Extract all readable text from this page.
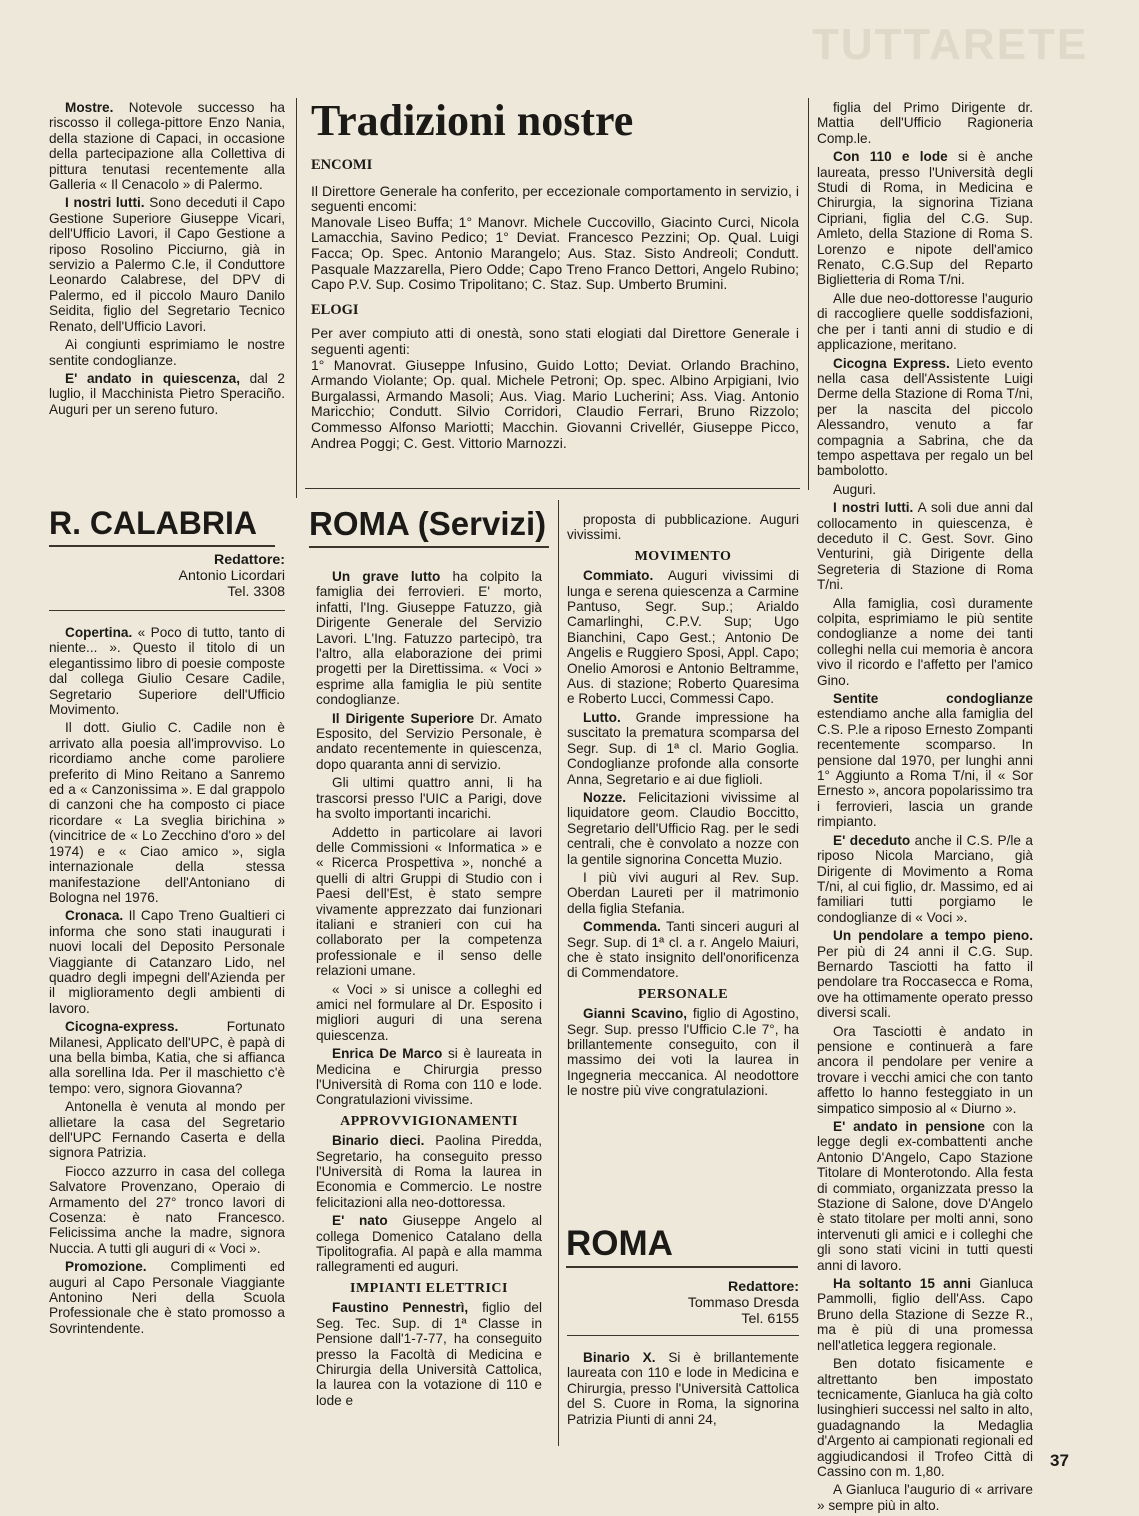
TUTTARETE

Mostre. Notevole successo ha riscosso il collega-pittore Enzo Nania, della stazione di Capaci, in occasione della partecipazione alla Collettiva di pittura tenutasi recentemente alla Galleria « Il Cenacolo » di Palermo.

I nostri lutti. Sono deceduti il Capo Gestione Superiore Giuseppe Vicari, dell'Ufficio Lavori, il Capo Gestione a riposo Rosolino Picciurno, già in servizio a Palermo C.le, il Conduttore Leonardo Calabrese, del DPV di Palermo, ed il piccolo Mauro Danilo Seidita, figlio del Segretario Tecnico Renato, dell'Ufficio Lavori.

Ai congiunti esprimiamo le nostre sentite condoglianze.

E' andato in quiescenza, dal 2 luglio, il Macchinista Pietro Speraciño. Auguri per un sereno futuro.

R. CALABRIA
Redattore:
Antonio Licordari
Tel. 3308

Copertina. « Poco di tutto, tanto di niente... ». Questo il titolo di un elegantissimo libro di poesie composte dal collega Giulio Cesare Cadile, Segretario Superiore dell'Ufficio Movimento.

Il dott. Giulio C. Cadile non è arrivato alla poesia all'improvviso. Lo ricordiamo anche come paroliere preferito di Mino Reitano a Sanremo ed a « Canzonissima ». E dal grappolo di canzoni che ha composto ci piace ricordare « La sveglia birichina » (vincitrice de « Lo Zecchino d'oro » del 1974) e « Ciao amico », sigla internazionale della stessa manifestazione dell'Antoniano di Bologna nel 1976.

Cronaca. Il Capo Treno Gualtieri ci informa che sono stati inaugurati i nuovi locali del Deposito Personale Viaggiante di Catanzaro Lido, nel quadro degli impegni dell'Azienda per il miglioramento degli ambienti di lavoro.

Cicogna-express. Fortunato Milanesi, Applicato dell'UPC, è papà di una bella bimba, Katia, che si affianca alla sorellina Ida. Per il maschietto c'è tempo: vero, signora Giovanna?

Antonella è venuta al mondo per allietare la casa del Segretario dell'UPC Fernando Caserta e della signora Patrizia.

Fiocco azzurro in casa del collega Salvatore Provenzano, Operaio di Armamento del 27° tronco lavori di Cosenza: è nato Francesco. Felicissima anche la madre, signora Nuccia. A tutti gli auguri di « Voci ».

Promozione. Complimenti ed auguri al Capo Personale Viaggiante Antonino Neri della Scuola Professionale che è stato promosso a Sovrintendente.

Tradizioni nostre
ENCOMI
Il Direttore Generale ha conferito, per eccezionale comportamento in servizio, i seguenti encomi:
Manovale Liseo Buffa; 1° Manovr. Michele Cuccovillo, Giacinto Curci, Nicola Lamacchia, Savino Pedico; 1° Deviat. Francesco Pezzini; Op. Qual. Luigi Facca; Op. Spec. Antonio Marangelo; Aus. Staz. Sisto Andreoli; Condutt. Pasquale Mazzarella, Piero Odde; Capo Treno Franco Dettori, Angelo Rubino; Capo P.V. Sup. Cosimo Tripolitano; C. Staz. Sup. Umberto Brumini.
ELOGI
Per aver compiuto atti di onestà, sono stati elogiati dal Direttore Generale i seguenti agenti:
1° Manovrat. Giuseppe Infusino, Guido Lotto; Deviat. Orlando Brachino, Armando Violante; Op. qual. Michele Petroni; Op. spec. Albino Arpigiani, Ivio Burgalassi, Armando Masoli; Aus. Viag. Mario Lucherini; Ass. Viag. Antonio Maricchio; Condutt. Silvio Corridori, Claudio Ferrari, Bruno Rizzolo; Commesso Alfonso Mariotti; Macchin. Giovanni Crivellér, Giuseppe Picco, Andrea Poggi; C. Gest. Vittorio Marnozzi.
ROMA (Servizi)

Un grave lutto ha colpito la famiglia dei ferrovieri. E' morto, infatti, l'Ing. Giuseppe Fatuzzo, già Dirigente Generale del Servizio Lavori. L'Ing. Fatuzzo partecipò, tra l'altro, alla elaborazione dei primi progetti per la Direttissima. « Voci » esprime alla famiglia le più sentite condoglianze.

Il Dirigente Superiore Dr. Amato Esposito, del Servizio Personale, è andato recentemente in quiescenza, dopo quaranta anni di servizio.

Gli ultimi quattro anni, li ha trascorsi presso l'UIC a Parigi, dove ha svolto importanti incarichi.

Addetto in particolare ai lavori delle Commissioni « Informatica » e « Ricerca Prospettiva », nonché a quelli di altri Gruppi di Studio con i Paesi dell'Est, è stato sempre vivamente apprezzato dai funzionari italiani e stranieri con cui ha collaborato per la competenza professionale e il senso delle relazioni umane.

« Voci » si unisce a colleghi ed amici nel formulare al Dr. Esposito i migliori auguri di una serena quiescenza.

Enrica De Marco si è laureata in Medicina e Chirurgia presso l'Università di Roma con 110 e lode. Congratulazioni vivissime.

APPROVVIGIONAMENTI

Binario dieci. Paolina Piredda, Segretario, ha conseguito presso l'Università di Roma la laurea in Economia e Commercio. Le nostre felicitazioni alla neo-dottoressa.

E' nato Giuseppe Angelo al collega Domenico Catalano della Tipolitografia. Al papà e alla mamma rallegramenti ed auguri.

IMPIANTI ELETTRICI

Faustino Pennestrì, figlio del Seg. Tec. Sup. di 1ª Classe in Pensione dall'1-7-77, ha conseguito presso la Facoltà di Medicina e Chirurgia della Università Cattolica, la laurea con la votazione di 110 e lode e

proposta di pubblicazione. Auguri vivissimi.

MOVIMENTO

Commiato. Auguri vivissimi di lunga e serena quiescenza a Carmine Pantuso, Segr. Sup.; Arialdo Camarlinghi, C.P.V. Sup; Ugo Bianchini, Capo Gest.; Antonio De Angelis e Ruggiero Sposi, Appl. Capo; Onelio Amorosi e Antonio Beltramme, Aus. di stazione; Roberto Quaresima e Roberto Lucci, Commessi Capo.

Lutto. Grande impressione ha suscitato la prematura scomparsa del Segr. Sup. di 1ª cl. Mario Goglia. Condoglianze profonde alla consorte Anna, Segretario e ai due figlioli.

Nozze. Felicitazioni vivissime al liquidatore geom. Claudio Boccitto, Segretario dell'Ufficio Rag. per le sedi centrali, che è convolato a nozze con la gentile signorina Concetta Muzio.

I più vivi auguri al Rev. Sup. Oberdan Laureti per il matrimonio della figlia Stefania.

Commenda. Tanti sinceri auguri al Segr. Sup. di 1ª cl. a r. Angelo Maiuri, che è stato insignito dell'onorificenza di Commendatore.

PERSONALE

Gianni Scavino, figlio di Agostino, Segr. Sup. presso l'Ufficio C.le 7°, ha brillantemente conseguito, con il massimo dei voti la laurea in Ingegneria meccanica. Al neodottore le nostre più vive congratulazioni.

ROMA
Redattore:
Tommaso Dresda
Tel. 6155

Binario X. Si è brillantemente laureata con 110 e lode in Medicina e Chirurgia, presso l'Università Cattolica del S. Cuore in Roma, la signorina Patrizia Piunti di anni 24,

figlia del Primo Dirigente dr. Mattia dell'Ufficio Ragioneria Comp.le.

Con 110 e lode si è anche laureata, presso l'Università degli Studi di Roma, in Medicina e Chirurgia, la signorina Tiziana Cipriani, figlia del C.G. Sup. Amleto, della Stazione di Roma S. Lorenzo e nipote dell'amico Renato, C.G.Sup del Reparto Biglietteria di Roma T/ni.

Alle due neo-dottoresse l'augurio di raccogliere quelle soddisfazioni, che per i tanti anni di studio e di applicazione, meritano.

Cicogna Express. Lieto evento nella casa dell'Assistente Luigi Derme della Stazione di Roma T/ni, per la nascita del piccolo Alessandro, venuto a far compagnia a Sabrina, che da tempo aspettava per regalo un bel bambolotto.

Auguri.

I nostri lutti. A soli due anni dal collocamento in quiescenza, è deceduto il C. Gest. Sovr. Gino Venturini, già Dirigente della Segreteria di Stazione di Roma T/ni.

Alla famiglia, così duramente colpita, esprimiamo le più sentite condoglianze a nome dei tanti colleghi nella cui memoria è ancora vivo il ricordo e l'affetto per l'amico Gino.

Sentite condoglianze estendiamo anche alla famiglia del C.S. P.le a riposo Ernesto Zompanti recentemente scomparso. In pensione dal 1970, per lunghi anni 1° Aggiunto a Roma T/ni, il « Sor Ernesto », ancora popolarissimo tra i ferrovieri, lascia un grande rimpianto.

E' deceduto anche il C.S. P/le a riposo Nicola Marciano, già Dirigente di Movimento a Roma T/ni, al cui figlio, dr. Massimo, ed ai familiari tutti porgiamo le condoglianze di « Voci ».

Un pendolare a tempo pieno. Per più di 24 anni il C.G. Sup. Bernardo Tasciotti ha fatto il pendolare tra Roccasecca e Roma, ove ha ottimamente operato presso diversi scali.

Ora Tasciotti è andato in pensione e continuerà a fare ancora il pendolare per venire a trovare i vecchi amici che con tanto affetto lo hanno festeggiato in un simpatico simposio al « Diurno ».

E' andato in pensione con la legge degli ex-combattenti anche Antonio D'Angelo, Capo Stazione Titolare di Monterotondo. Alla festa di commiato, organizzata presso la Stazione di Salone, dove D'Angelo è stato titolare per molti anni, sono intervenuti gli amici e i colleghi che gli sono stati vicini in tutti questi anni di lavoro.

Ha soltanto 15 anni Gianluca Pammolli, figlio dell'Ass. Capo Bruno della Stazione di Sezze R., ma è più di una promessa nell'atletica leggera regionale.

Ben dotato fisicamente e altrettanto ben impostato tecnicamente, Gianluca ha già colto lusinghieri successi nel salto in alto, guadagnando la Medaglia d'Argento ai campionati regionali ed aggiudicandosi il Trofeo Città di Cassino con m. 1,80.

A Gianluca l'augurio di « arrivare » sempre più in alto.

37
